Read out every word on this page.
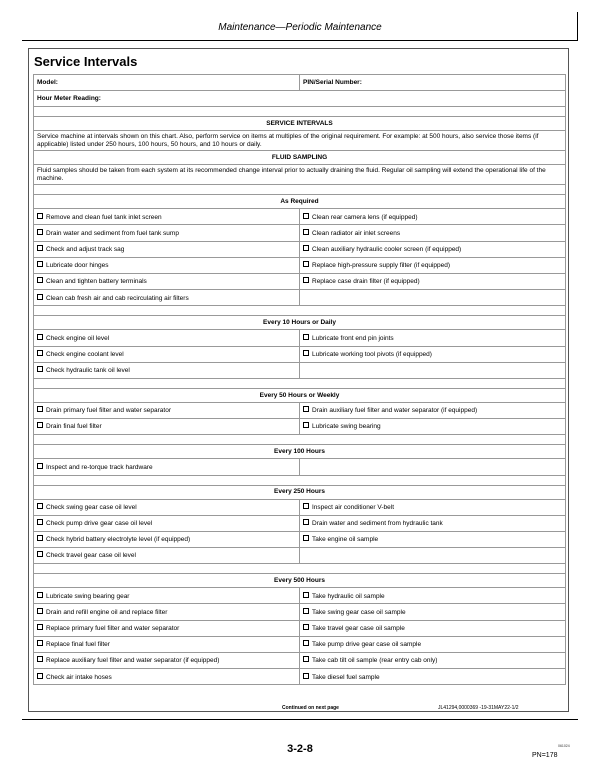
Maintenance—Periodic Maintenance
Service Intervals
Model:	PIN/Serial Number:
Hour Meter Reading:	

SERVICE INTERVALS	
Service machine at intervals shown on this chart. Also, perform service on items at multiples of the original requirement. For example: at 500 hours, also service those items (if applicable) listed under 250 hours, 100 hours, 50 hours, and 10 hours or daily.	
FLUID SAMPLING	
Fluid samples should be taken from each system at its recommended change interval prior to actually draining the fluid. Regular oil sampling will extend the operational life of the machine.	

As Required	
Remove and clean fuel tank inlet screen	Clean rear camera lens (if equipped)
Drain water and sediment from fuel tank sump	Clean radiator air inlet screens
Check and adjust track sag	Clean auxiliary hydraulic cooler screen (if equipped)
Lubricate door hinges	Replace high-pressure supply filter (if equipped)
Clean and tighten battery terminals	Replace case drain filter (if equipped)
Clean cab fresh air and cab recirculating air filters	

Every 10 Hours or Daily	
Check engine oil level	Lubricate front end pin joints
Check engine coolant level	Lubricate working tool pivots (if equipped)
Check hydraulic tank oil level	

Every 50 Hours or Weekly	
Drain primary fuel filter and water separator	Drain auxiliary fuel filter and water separator (if equipped)
Drain final fuel filter	Lubricate swing bearing

Every 100 Hours	
Inspect and re-torque track hardware	

Every 250 Hours	
Check swing gear case oil level	Inspect air conditioner V-belt
Check pump drive gear case oil level	Drain water and sediment from hydraulic tank
Check hybrid battery electrolyte level (if equipped)	Take engine oil sample
Check travel gear case oil level	

Every 500 Hours	
Lubricate swing bearing gear	Take hydraulic oil sample
Drain and refill engine oil and replace filter	Take swing gear case oil sample
Replace primary fuel filter and water separator	Take travel gear case oil sample
Replace final fuel filter	Take pump drive gear case oil sample
Replace auxiliary fuel filter and water separator (if equipped)	Take cab tilt oil sample (rear entry cab only)
Check air intake hoses	Take diesel fuel sample
Continued on next page	JL41294,0000369 -19-31MAY22-1/2
3-2-8	061024
PN=178
